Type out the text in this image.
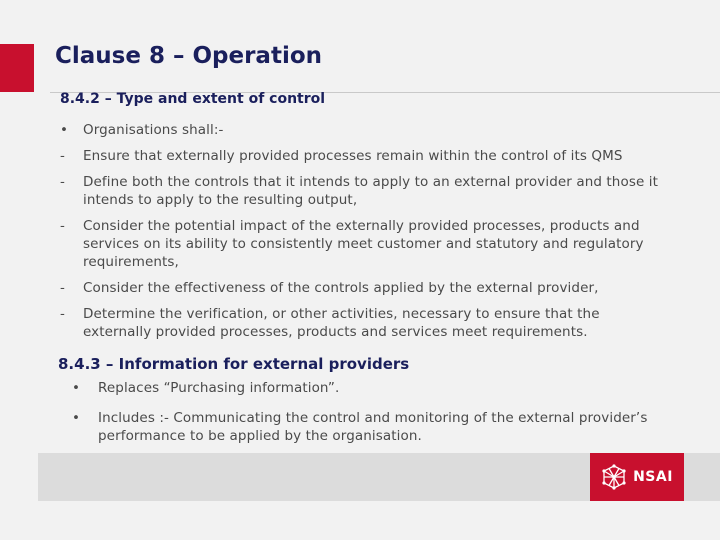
Clause 8 – Operation
8.4.2 – Type and extent of control
• Organisations shall:-
- Ensure that externally provided processes remain within the control of its QMS
- Define both the controls that it intends to apply to an external provider and those it intends to apply to the resulting output,
- Consider the potential impact of the externally provided processes, products and services on its ability to consistently meet customer and statutory and regulatory requirements,
- Consider the effectiveness of the controls applied by the external provider,
- Determine the verification, or other activities, necessary to ensure that the externally provided processes, products and services meet requirements.
8.4.3 – Information for external providers
• Replaces “Purchasing information”.
• Includes :- Communicating the control and monitoring of the external provider’s performance to be applied by the organisation.
NSAI
